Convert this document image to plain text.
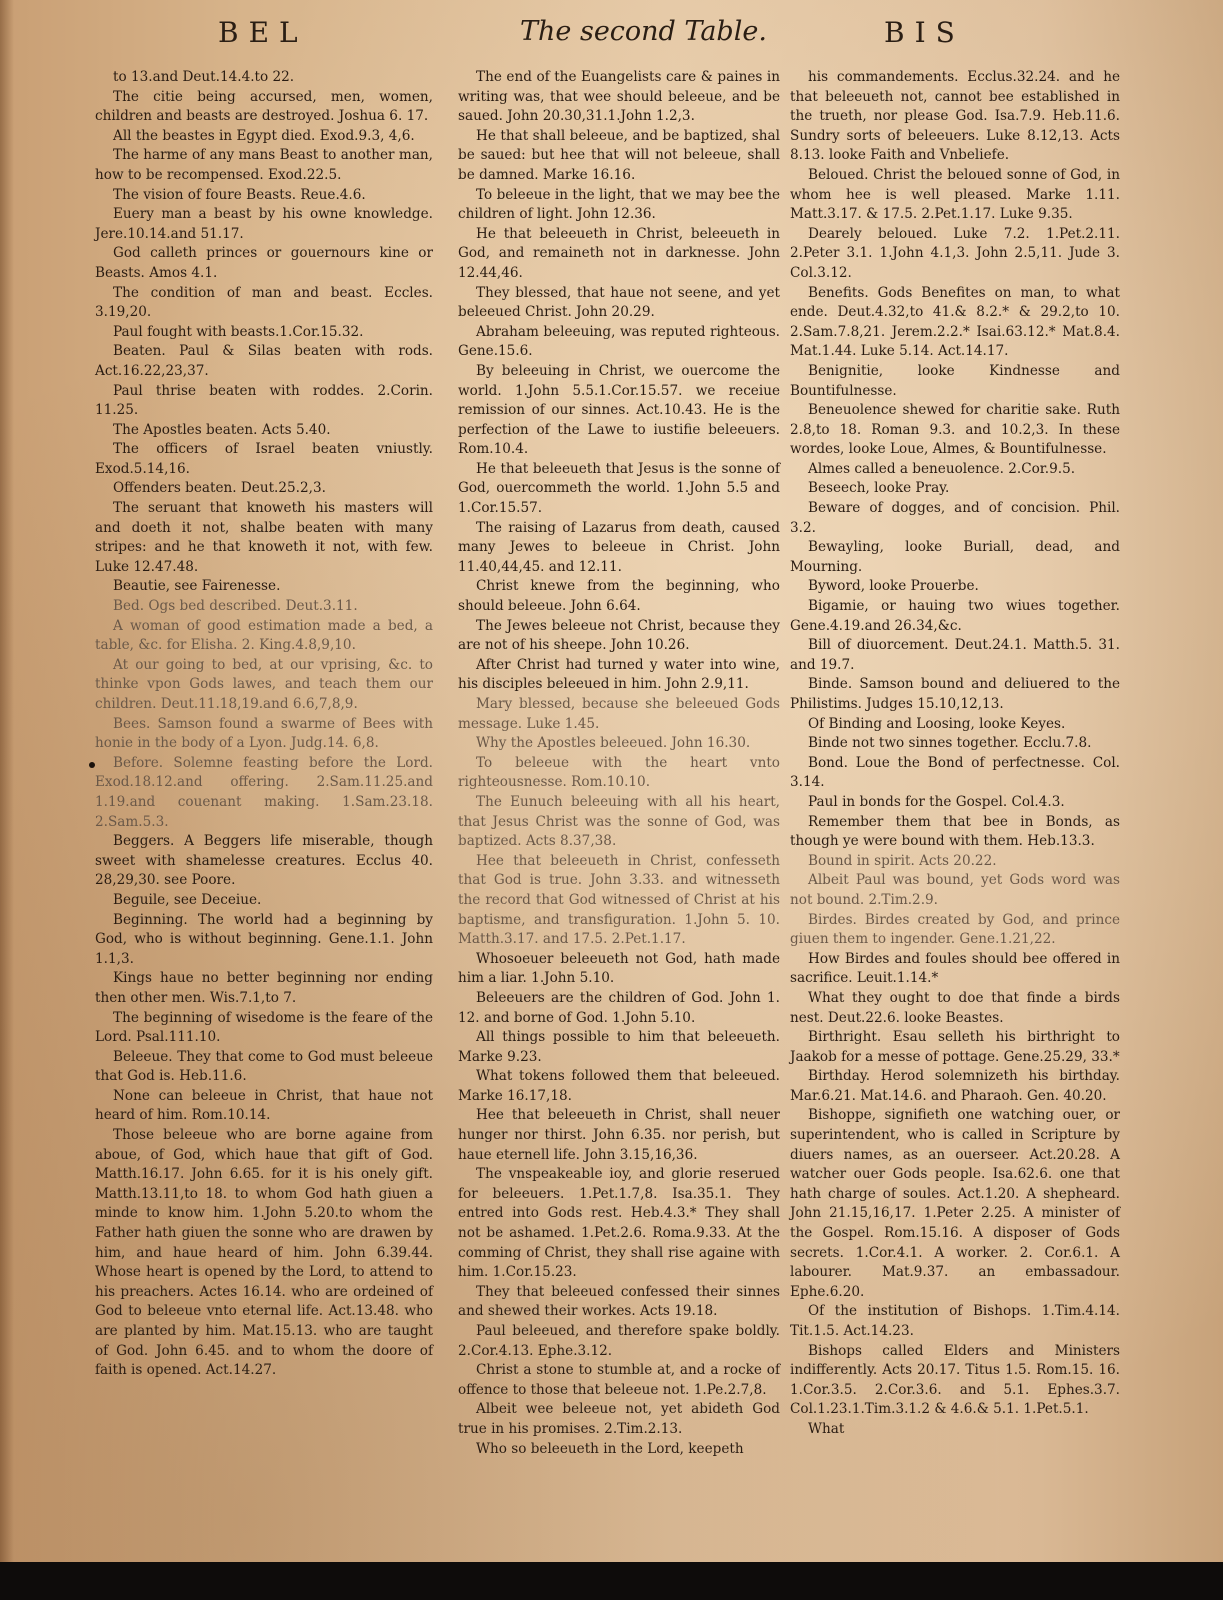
BEL	The second Table.	BIS

to 13.and Deut.14.4.to 22.

The citie being accursed, men, women, children and beasts are destroyed. Joshua 6. 17.

All the beastes in Egypt died. Exod.9.3, 4,6.

The harme of any mans Beast to another man, how to be recompensed. Exod.22.5.

The vision of foure Beasts. Reue.4.6.

Euery man a beast by his owne knowledge. Jere.10.14.and 51.17.

God calleth princes or gouernours kine or Beasts. Amos 4.1.

The condition of man and beast. Eccles. 3.19,20.

Paul fought with beasts.1.Cor.15.32.

Beaten. Paul & Silas beaten with rods. Act.16.22,23,37.

Paul thrise beaten with roddes. 2.Corin. 11.25.

The Apostles beaten. Acts 5.40.

The officers of Israel beaten vniustly. Exod.5.14,16.

Offenders beaten. Deut.25.2,3.

The seruant that knoweth his masters will and doeth it not, shalbe beaten with many stripes: and he that knoweth it not, with few. Luke 12.47.48.

Beautie, see Fairenesse.

Bed. Ogs bed described. Deut.3.11.

A woman of good estimation made a bed, a table, &c. for Elisha. 2. King.4.8,9,10.

At our going to bed, at our vprising, &c. to thinke vpon Gods lawes, and teach them our children. Deut.11.18,19.and 6.6,7,8,9.

Bees. Samson found a swarme of Bees with honie in the body of a Lyon. Judg.14. 6,8.

Before. Solemne feasting before the Lord. Exod.18.12.and offering. 2.Sam.11.25.and 1.19.and couenant making. 1.Sam.23.18. 2.Sam.5.3.

Beggers. A Beggers life miserable, though sweet with shamelesse creatures. Ecclus 40. 28,29,30. see Poore.

Beguile, see Deceiue.

Beginning. The world had a beginning by God, who is without beginning. Gene.1.1. John 1.1,3.

Kings haue no better beginning nor ending then other men. Wis.7.1,to 7.

The beginning of wisedome is the feare of the Lord. Psal.111.10.

Beleeue. They that come to God must beleeue that God is. Heb.11.6.

None can beleeue in Christ, that haue not heard of him. Rom.10.14.

Those beleeue who are borne againe from aboue, of God, which haue that gift of God. Matth.16.17. John 6.65. for it is his onely gift. Matth.13.11,to 18. to whom God hath giuen a minde to know him. 1.John 5.20.to whom the Father hath giuen the sonne who are drawen by him, and haue heard of him. John 6.39.44. Whose heart is opened by the Lord, to attend to his preachers. Actes 16.14. who are ordeined of God to beleeue vnto eternal life. Act.13.48. who are planted by him. Mat.15.13. who are taught of God. John 6.45. and to whom the doore of faith is opened. Act.14.27.

The end of the Euangelists care & paines in writing was, that wee should beleeue, and be saued. John 20.30,31.1.John 1.2,3.

He that shall beleeue, and be baptized, shal be saued: but hee that will not beleeue, shall be damned. Marke 16.16.

To beleeue in the light, that we may bee the children of light. John 12.36.

He that beleeueth in Christ, beleeueth in God, and remaineth not in darknesse. John 12.44,46.

They blessed, that haue not seene, and yet beleeued Christ. John 20.29.

Abraham beleeuing, was reputed righteous. Gene.15.6.

By beleeuing in Christ, we ouercome the world. 1.John 5.5.1.Cor.15.57. we receiue remission of our sinnes. Act.10.43. He is the perfection of the Lawe to iustifie beleeuers. Rom.10.4.

He that beleeueth that Jesus is the sonne of God, ouercommeth the world. 1.John 5.5 and 1.Cor.15.57.

The raising of Lazarus from death, caused many Jewes to beleeue in Christ. John 11.40,44,45. and 12.11.

Christ knewe from the beginning, who should beleeue. John 6.64.

The Jewes beleeue not Christ, because they are not of his sheepe. John 10.26.

After Christ had turned y water into wine, his disciples beleeued in him. John 2.9,11.

Mary blessed, because she beleeued Gods message. Luke 1.45.

Why the Apostles beleeued. John 16.30.

To beleeue with the heart vnto righteousnesse. Rom.10.10.

The Eunuch beleeuing with all his heart, that Jesus Christ was the sonne of God, was baptized. Acts 8.37,38.

Hee that beleeueth in Christ, confesseth that God is true. John 3.33. and witnesseth the record that God witnessed of Christ at his baptisme, and transfiguration. 1.John 5. 10. Matth.3.17. and 17.5. 2.Pet.1.17.

Whosoeuer beleeueth not God, hath made him a liar. 1.John 5.10.

Beleeuers are the children of God. John 1. 12. and borne of God. 1.John 5.10.

All things possible to him that beleeueth. Marke 9.23.

What tokens followed them that beleeued. Marke 16.17,18.

Hee that beleeueth in Christ, shall neuer hunger nor thirst. John 6.35. nor perish, but haue eternell life. John 3.15,16,36.

The vnspeakeable ioy, and glorie reserued for beleeuers. 1.Pet.1.7,8. Isa.35.1. They entred into Gods rest. Heb.4.3.* They shall not be ashamed. 1.Pet.2.6. Roma.9.33. At the comming of Christ, they shall rise againe with him. 1.Cor.15.23.

They that beleeued confessed their sinnes and shewed their workes. Acts 19.18.

Paul beleeued, and therefore spake boldly. 2.Cor.4.13. Ephe.3.12.

Christ a stone to stumble at, and a rocke of offence to those that beleeue not. 1.Pe.2.7,8.

Albeit wee beleeue not, yet abideth God true in his promises. 2.Tim.2.13.

Who so beleeueth in the Lord, keepeth

his commandements. Ecclus.32.24. and he that beleeueth not, cannot bee established in the trueth, nor please God. Isa.7.9. Heb.11.6. Sundry sorts of beleeuers. Luke 8.12,13. Acts 8.13. looke Faith and Vnbeliefe.

Beloued. Christ the beloued sonne of God, in whom hee is well pleased. Marke 1.11. Matt.3.17. & 17.5. 2.Pet.1.17. Luke 9.35.

Dearely beloued. Luke 7.2. 1.Pet.2.11. 2.Peter 3.1. 1.John 4.1,3. John 2.5,11. Jude 3. Col.3.12.

Benefits. Gods Benefites on man, to what ende. Deut.4.32,to 41.& 8.2.* & 29.2,to 10. 2.Sam.7.8,21. Jerem.2.2.* Isai.63.12.* Mat.8.4. Mat.1.44. Luke 5.14. Act.14.17.

Benignitie, looke Kindnesse and Bountifulnesse.

Beneuolence shewed for charitie sake. Ruth 2.8,to 18. Roman 9.3. and 10.2,3. In these wordes, looke Loue, Almes, & Bountifulnesse.

Almes called a beneuolence. 2.Cor.9.5.

Beseech, looke Pray.

Beware of dogges, and of concision. Phil. 3.2.

Bewayling, looke Buriall, dead, and Mourning.

Byword, looke Prouerbe.

Bigamie, or hauing two wiues together. Gene.4.19.and 26.34,&c.

Bill of diuorcement. Deut.24.1. Matth.5. 31. and 19.7.

Binde. Samson bound and deliuered to the Philistims. Judges 15.10,12,13.

Of Binding and Loosing, looke Keyes.

Binde not two sinnes together. Ecclu.7.8.

Bond. Loue the Bond of perfectnesse. Col. 3.14.

Paul in bonds for the Gospel. Col.4.3.

Remember them that bee in Bonds, as though ye were bound with them. Heb.13.3.

Bound in spirit. Acts 20.22.

Albeit Paul was bound, yet Gods word was not bound. 2.Tim.2.9.

Birdes. Birdes created by God, and prince giuen them to ingender. Gene.1.21,22.

How Birdes and foules should bee offered in sacrifice. Leuit.1.14.*

What they ought to doe that finde a birds nest. Deut.22.6. looke Beastes.

Birthright. Esau selleth his birthright to Jaakob for a messe of pottage. Gene.25.29, 33.*

Birthday. Herod solemnizeth his birthday. Mar.6.21. Mat.14.6. and Pharaoh. Gen. 40.20.

Bishoppe, signifieth one watching ouer, or superintendent, who is called in Scripture by diuers names, as an ouerseer. Act.20.28. A watcher ouer Gods people. Isa.62.6. one that hath charge of soules. Act.1.20. A shepheard. John 21.15,16,17. 1.Peter 2.25. A minister of the Gospel. Rom.15.16. A disposer of Gods secrets. 1.Cor.4.1. A worker. 2. Cor.6.1. A labourer. Mat.9.37. an embassadour. Ephe.6.20.

Of the institution of Bishops. 1.Tim.4.14. Tit.1.5. Act.14.23.

Bishops called Elders and Ministers indifferently. Acts 20.17. Titus 1.5. Rom.15. 16. 1.Cor.3.5. 2.Cor.3.6. and 5.1. Ephes.3.7. Col.1.23.1.Tim.3.1.2 & 4.6.& 5.1. 1.Pet.5.1.

What
